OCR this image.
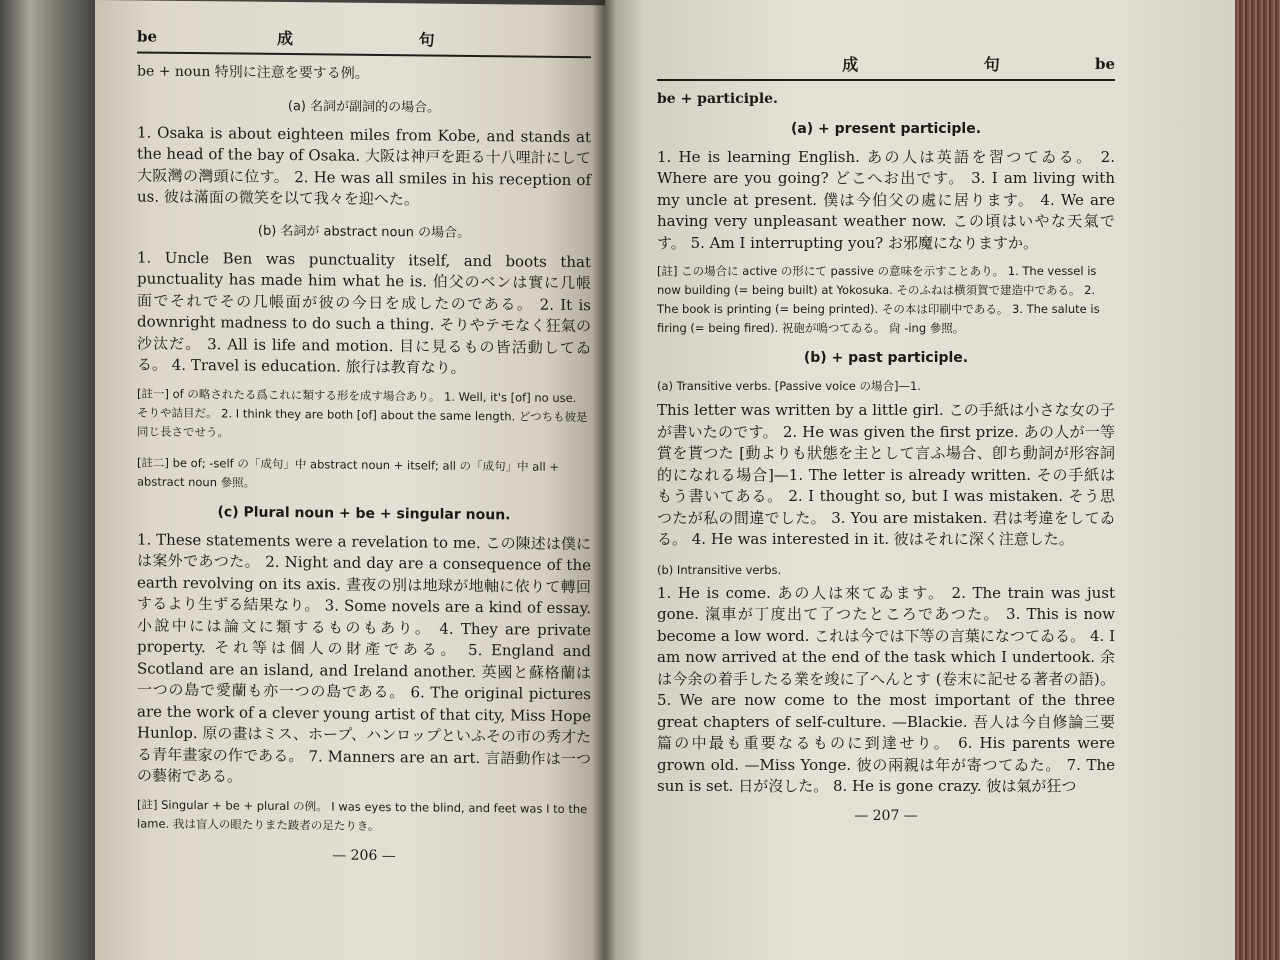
be	成 句

be + noun 特別に注意を要する例。

(a) 名詞が副詞的の場合。

1. Osaka is about eighteen miles from Kobe, and stands at the head of the bay of Osaka. 大阪は神戸を距る十八哩計にして大阪灣の灣頭に位す。 2. He was all smiles in his reception of us. 彼は滿面の微笑を以て我々を迎へた。

(b) 名詞が abstract noun の場合。

1. Uncle Ben was punctuality itself, and boots that punctuality has made him what he is. 伯父のベンは實に几帳面でそれでその几帳面が彼の今日を成したのである。 2. It is downright madness to do such a thing. そりやテモなく狂氣の沙汰だ。 3. All is life and motion. 目に見るもの皆活動してゐる。 4. Travel is education. 旅行は教育なり。

[註一] of の略されたる爲これに類する形を成す場合あり。 1. Well, it's [of] no use. そりや詰目だ。 2. I think they are both [of] about the same length. どつちも彼是同じ長さでせう。
[註二] be of; -self の「成句」中 abstract noun + itself; all の「成句」中 all + abstract noun 參照。
(c) Plural noun + be + singular noun.

1. These statements were a revelation to me. この陳述は僕には案外であつた。 2. Night and day are a consequence of the earth revolving on its axis. 晝夜の別は地球が地軸に依りて轉回するより生ずる結果なり。 3. Some novels are a kind of essay. 小說中には論文に類するものもあり。 4. They are private property. それ等は個人の財產である。 5. England and Scotland are an island, and Ireland another. 英國と蘇格蘭は一つの島で愛蘭も亦一つの島である。 6. The original pictures are the work of a clever young artist of that city, Miss Hope Hunlop. 原の畫はミス、ホープ、ハンロップといふその市の秀才たる青年畫家の作である。 7. Manners are an art. 言語動作は一つの藝術である。

[註] Singular + be + plural の例。 I was eyes to the blind, and feet was I to the lame. 我は盲人の眼たりまた跛者の足たりき。
— 206 —
成 句 be

be + participle.

(a) + present participle.

1. He is learning English. あの人は英語を習つてゐる。 2. Where are you going? どこへお出です。 3. I am living with my uncle at present. 僕は今伯父の處に居ります。 4. We are having very unpleasant weather now. この頃はいやな天氣です。 5. Am I interrupting you? お邪魔になりますか。

[註] この場合に active の形にて passive の意味を示すことあり。 1. The vessel is now building (= being built) at Yokosuka. そのふねは横須賀で建造中である。 2. The book is printing (= being printed). その本は印刷中である。 3. The salute is firing (= being fired). 祝砲が鳴つてゐる。 尙 -ing 參照。
(b) + past participle.
(a) Transitive verbs. [Passive voice の場合]—1.

This letter was written by a little girl. この手紙は小さな女の子が書いたのです。 2. He was given the first prize. あの人が一等賞を貰つた [動よりも狀態を主として言ふ場合、卽ち動詞が形容詞的になれる場合]—1. The letter is already written. その手紙はもう書いてある。 2. I thought so, but I was mistaken. そう思つたが私の間違でした。 3. You are mistaken. 君は考違をしてゐる。 4. He was interested in it. 彼はそれに深く注意した。

(b) Intransitive verbs.

1. He is come. あの人は來てゐます。 2. The train was just gone. 滊車が丁度出て了つたところであつた。 3. This is now become a low word. これは今では下等の言葉になつてゐる。 4. I am now arrived at the end of the task which I undertook. 余は今余の着手したる業を竣に了へんとす (卷末に記せる著者の語)。 5. We are now come to the most important of the three great chapters of self-culture. —Blackie. 吾人は今自修論三要篇の中最も重要なるものに到達せり。 6. His parents were grown old. —Miss Yonge. 彼の兩親は年が寄つてゐた。 7. The sun is set. 日が沒した。 8. He is gone crazy. 彼は氣が狂つ

— 207 —
